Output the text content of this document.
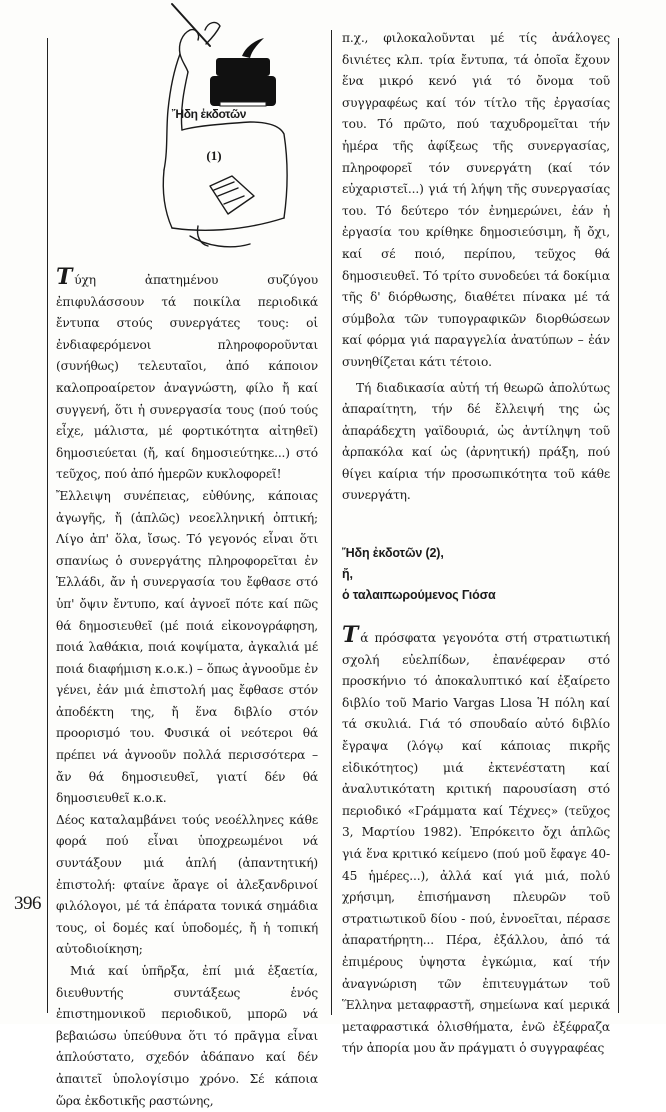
Ἤδη ἐκδοτῶν
(1)

Τύχη ἀπατημένου συζύγου ἐπιφυλάσσουν τά ποικίλα περιοδικά ἔντυπα στούς συνεργάτες τους: οἱ ἐνδιαφερόμενοι πληροφοροῦνται (συνήθως) τελευταῖοι, ἀπό κάποιον καλοπροαίρετον ἀναγνώστη, φίλο ἤ καί συγγενή, ὅτι ἡ συνεργασία τους (πού τούς εἶχε, μάλιστα, μέ φορτικότητα αἰτηθεῖ) δημοσιεύεται (ἤ, καί δημοσιεύτηκε...) στό τεῦχος, πού ἀπό ἡμερῶν κυκλοφορεῖ!

Ἔλλειψη συνέπειας, εὐθύνης, κάποιας ἀγωγῆς, ἤ (ἁπλῶς) νεοελληνική ὀπτική; Λίγο ἀπ' ὅλα, ἴσως. Τό γεγονός εἶναι ὅτι σπανίως ὁ συνεργάτης πληροφορεῖται ἐν Ἑλλάδι, ἄν ἡ συνεργασία του ἔφθασε στό ὑπ' ὄψιν ἔντυπο, καί ἀγνοεῖ πότε καί πῶς θά δημοσιευθεῖ (μέ ποιά εἰκονογράφηση, ποιά λαθάκια, ποιά κοψίματα, ἀγκαλιά μέ ποιά διαφήμιση κ.ο.κ.) – ὅπως ἀγνοοῦμε ἐν γένει, ἐάν μιά ἐπιστολή μας ἔφθασε στόν ἀποδέκτη της, ἤ ἕνα διβλίο στόν προορισμό του. Φυσικά οἱ νεότεροι θά πρέπει νά ἀγνοοῦν πολλά περισσότερα – ἄν θά δημοσιευθεῖ, γιατί δέν θά δημοσιευθεῖ κ.ο.κ.

Δέος καταλαμβάνει τούς νεοέλληνες κάθε φορά πού εἶναι ὑποχρεωμένοι νά συντάξουν μιά ἁπλή (ἀπαντητική) ἐπιστολή: φταίνε ἄραγε οἱ ἀλεξανδρινοί φιλόλογοι, μέ τά ἐπάρατα τονικά σημάδια τους, οἱ δομές καί ὑποδομές, ἤ ἡ τοπική αὐτοδιοίκηση;

Μιά καί ὑπῆρξα, ἐπί μιά ἑξαετία, διευθυντής συντάξεως ἑνός ἐπιστημονικοῦ περιοδικοῦ, μπορῶ νά βεβαιώσω ὑπεύθυνα ὅτι τό πρᾶγμα εἶναι ἁπλούστατο, σχεδόν ἀδάπανο καί δέν ἀπαιτεῖ ὑπολογίσιμο χρόνο. Σέ κάποια ὥρα ἐκδοτικῆς ραστώνης,

π.χ., φιλοκαλοῦνται μέ τίς ἀνάλογες διvιέτες κλπ. τρία ἔντυπα, τά ὁποῖα ἔχουν ἕνα μικρό κενό γιά τό ὄνομα τοῦ συγγραφέως καί τόν τίτλο τῆς ἐργασίας του. Τό πρῶτο, πού ταχυδρομεῖται τήν ἡμέρα τῆς ἀφίξεως τῆς συνεργασίας, πληροφορεῖ τόν συνεργάτη (καί τόν εὐχαριστεῖ...) γιά τή λήψη τῆς συνεργασίας του. Τό δεύτερο τόν ἐνημερώνει, ἐάν ἡ ἐργασία του κρίθηκε δημοσιεύσιμη, ἤ ὄχι, καί σέ ποιό, περίπου, τεῦχος θά δημοσιευθεῖ. Τό τρίτο συνοδεύει τά δοκίμια τῆς δ' διόρθωσης, διαθέτει πίνακα μέ τά σύμβολα τῶν τυπογραφικῶν διορθώσεων καί φόρμα γιά παραγγελία ἀνατύπων – ἐάν συνηθίζεται κάτι τέτοιο.

Τή διαδικασία αὐτή τή θεωρῶ ἀπολύτως ἀπαραίτητη, τήν δέ ἔλλειψή της ὡς ἀπαράδεχτη γαϊδουριά, ὡς ἀντίληψη τοῦ ἀρπακόλα καί ὡς (ἀρνητική) πράξη, πού θίγει καίρια τήν προσωπικότητα τοῦ κάθε συνεργάτη.

Ἤδη ἐκδοτῶν (2),

ἤ,

ὁ ταλαιπωρούμενος Γιόσα

Τά πρόσφατα γεγονότα στή στρατιωτική σχολή εὐελπίδων, ἐπανέφεραν στό προσκήνιο τό ἀποκαλυπτικό καί ἐξαίρετο διβλίο τοῦ Mario Vargas Llosa Ἡ πόλη καί τά σκυλιά. Γιά τό σπουδαίο αὐτό διβλίο ἔγραψα (λόγῳ καί κάποιας πικρῆς εἰδικότητος) μιά ἐκτενέστατη καί ἀναλυτικότατη κριτική παρουσίαση στό περιοδικό «Γράμματα καί Τέχνες» (τεῦχος 3, Μαρτίου 1982). Ἐπρόκειτο ὄχι ἁπλῶς γιά ἕνα κριτικό κείμενο (πού μοῦ ἔφαγε 40-45 ἡμέρες...), ἀλλά καί γιά μιά, πολύ χρήσιμη, ἐπισήμανση πλευρῶν τοῦ στρατιωτικοῦ δίου - πού, ἐννοεῖται, πέρασε ἀπαρατήρητη... Πέρα, ἐξάλλου, ἀπό τά ἐπιμέρους ὑψηστα ἐγκώμια, καί τήν ἀναγνώριση τῶν ἐπιτευγμάτων τοῦ Ἕλληνα μεταφραστῆ, σημείωνα καί μερικά μεταφραστικά ὀλισθήματα, ἐνῶ ἐξέφραζα τήν ἀπορία μου ἄν πράγματι ὁ συγγραφέας

396
